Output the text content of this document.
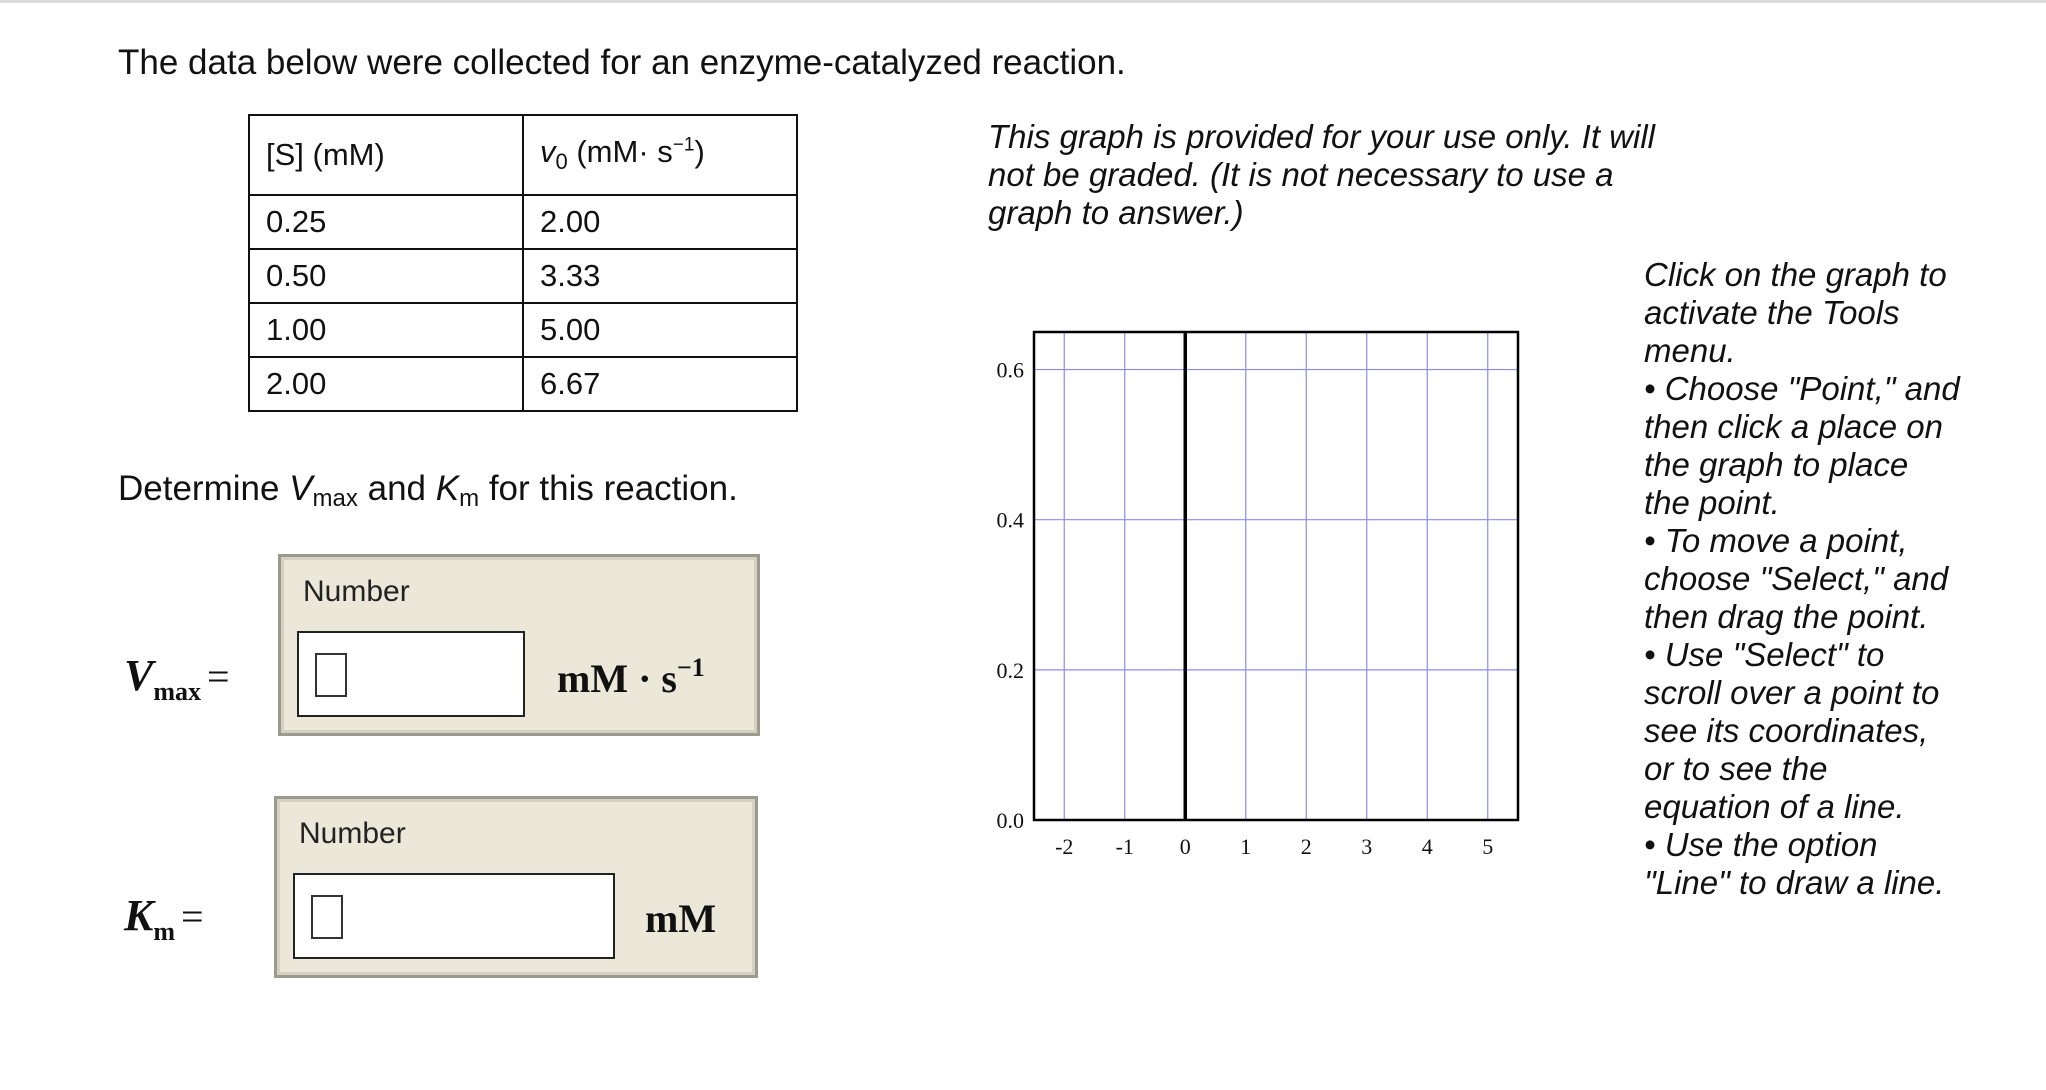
The data below were collected for an enzyme-catalyzed reaction.
[S] (mM)	$v_0$ $(mM\cdot s^{-1})$
0.25	2.00
0.50	3.33
1.00	5.00
2.00	6.67
Determine $V_{max}$ and $K_m$ for this reaction.
$V_{max}$ =
Number
mM · $s^{-1}$
$K_m$ =
Number
mM
This graph is provided for your use only. It will not be graded. (It is not necessary to use a graph to answer.)
Click on the graph to
activate the Tools
menu.
• Choose "Point," and
then click a place on
the graph to place
the point.
• To move a point,
choose "Select," and
then drag the point.
• Use "Select" to
scroll over a point to
see its coordinates,
or to see the
equation of a line.
• Use the option
"Line" to draw a line.
-2 -1 0 1 2 3 4 5
0.0
0.2
0.4
0.6
